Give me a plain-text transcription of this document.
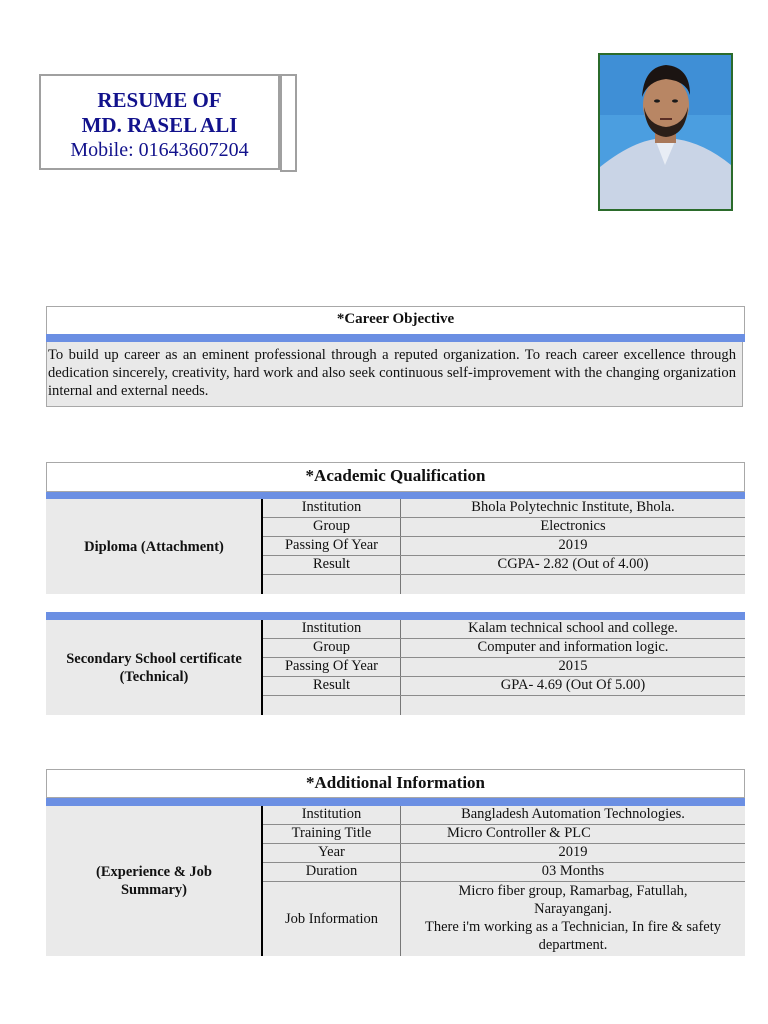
RESUME OF
MD. RASEL ALI
Mobile: 01643607204
*Career Objective
To build up career as an eminent professional through a reputed organization. To reach career excellence through dedication sincerely, creativity, hard work and also seek continuous self-improvement with the changing organization internal and external needs.
*Academic Qualification
Diploma (Attachment)
Institution	Bhola Polytechnic Institute, Bhola.
Group	Electronics
Passing Of Year	2019
Result	CGPA- 2.82 (Out of 4.00)
Secondary School certificate
(Technical)
Institution	Kalam technical school and college.
Group	Computer and information logic.
Passing Of Year	2015
Result	GPA- 4.69 (Out Of 5.00)
*Additional Information
(Experience & Job
Summary)
Institution	Bangladesh Automation Technologies.
Training Title	Micro Controller & PLC
Year	2019
Duration	03 Months
Job Information
Micro fiber group, Ramarbag, Fatullah,
Narayanganj.
There i'm working as a Technician, In fire & safety
department.
